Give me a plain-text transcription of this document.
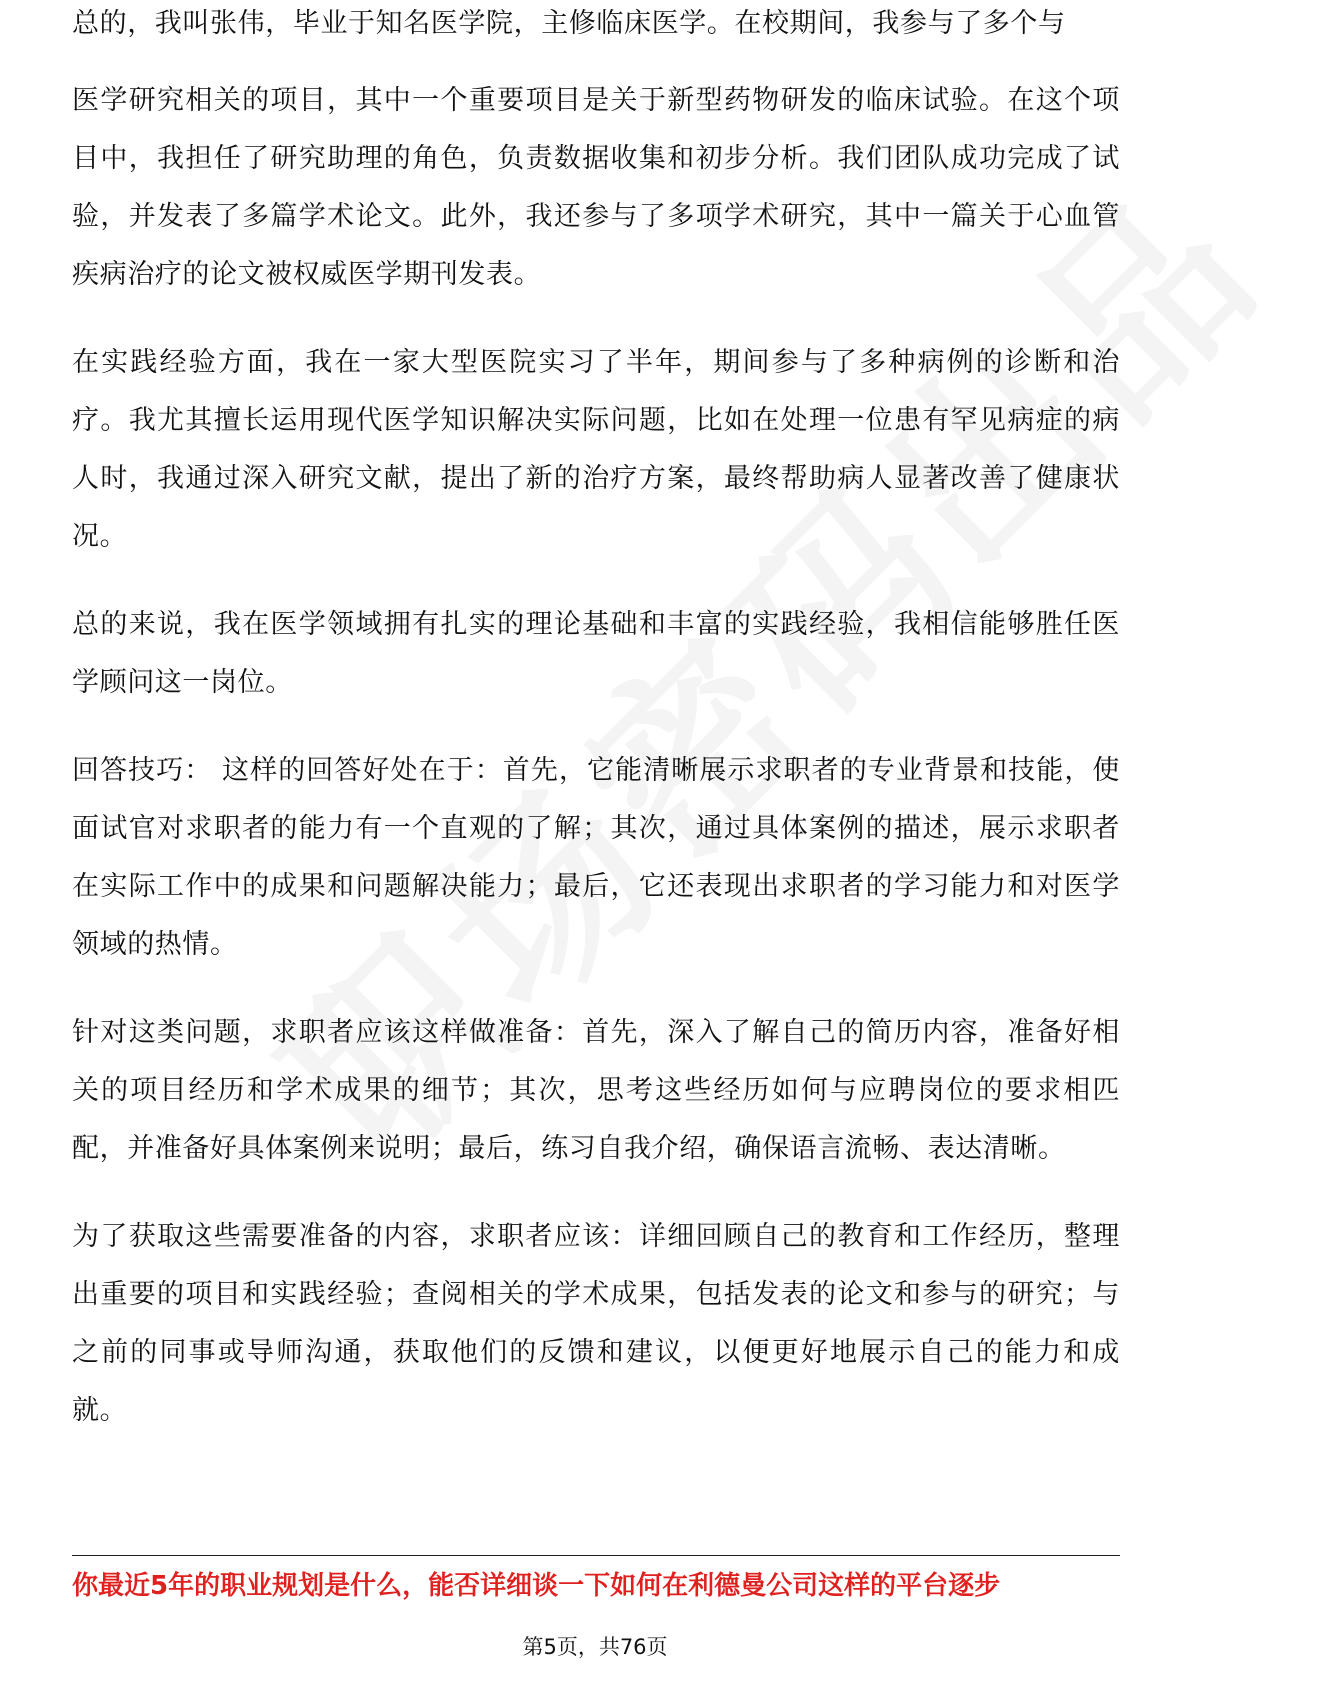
总的，我叫张伟，毕业于知名医学院，主修临床医学。在校期间，我参与了多个与

医学研究相关的项目，其中一个重要项目是关于新型药物研发的临床试验。在这个项目中，我担任了研究助理的角色，负责数据收集和初步分析。我们团队成功完成了试验，并发表了多篇学术论文。此外，我还参与了多项学术研究，其中一篇关于心血管疾病治疗的论文被权威医学期刊发表。

在实践经验方面，我在一家大型医院实习了半年，期间参与了多种病例的诊断和治疗。我尤其擅长运用现代医学知识解决实际问题，比如在处理一位患有罕见病症的病人时，我通过深入研究文献，提出了新的治疗方案，最终帮助病人显著改善了健康状况。

总的来说，我在医学领域拥有扎实的理论基础和丰富的实践经验，我相信能够胜任医学顾问这一岗位。

回答技巧： 这样的回答好处在于：首先，它能清晰展示求职者的专业背景和技能，使面试官对求职者的能力有一个直观的了解；其次，通过具体案例的描述，展示求职者在实际工作中的成果和问题解决能力；最后，它还表现出求职者的学习能力和对医学领域的热情。

针对这类问题，求职者应该这样做准备：首先，深入了解自己的简历内容，准备好相关的项目经历和学术成果的细节；其次，思考这些经历如何与应聘岗位的要求相匹配，并准备好具体案例来说明；最后，练习自我介绍，确保语言流畅、表达清晰。

为了获取这些需要准备的内容，求职者应该：详细回顾自己的教育和工作经历，整理出重要的项目和实践经验；查阅相关的学术成果，包括发表的论文和参与的研究；与之前的同事或导师沟通，获取他们的反馈和建议，以便更好地展示自己的能力和成就。

你最近5年的职业规划是什么，能否详细谈一下如何在利德曼公司这样的平台逐步
第5页，共76页
